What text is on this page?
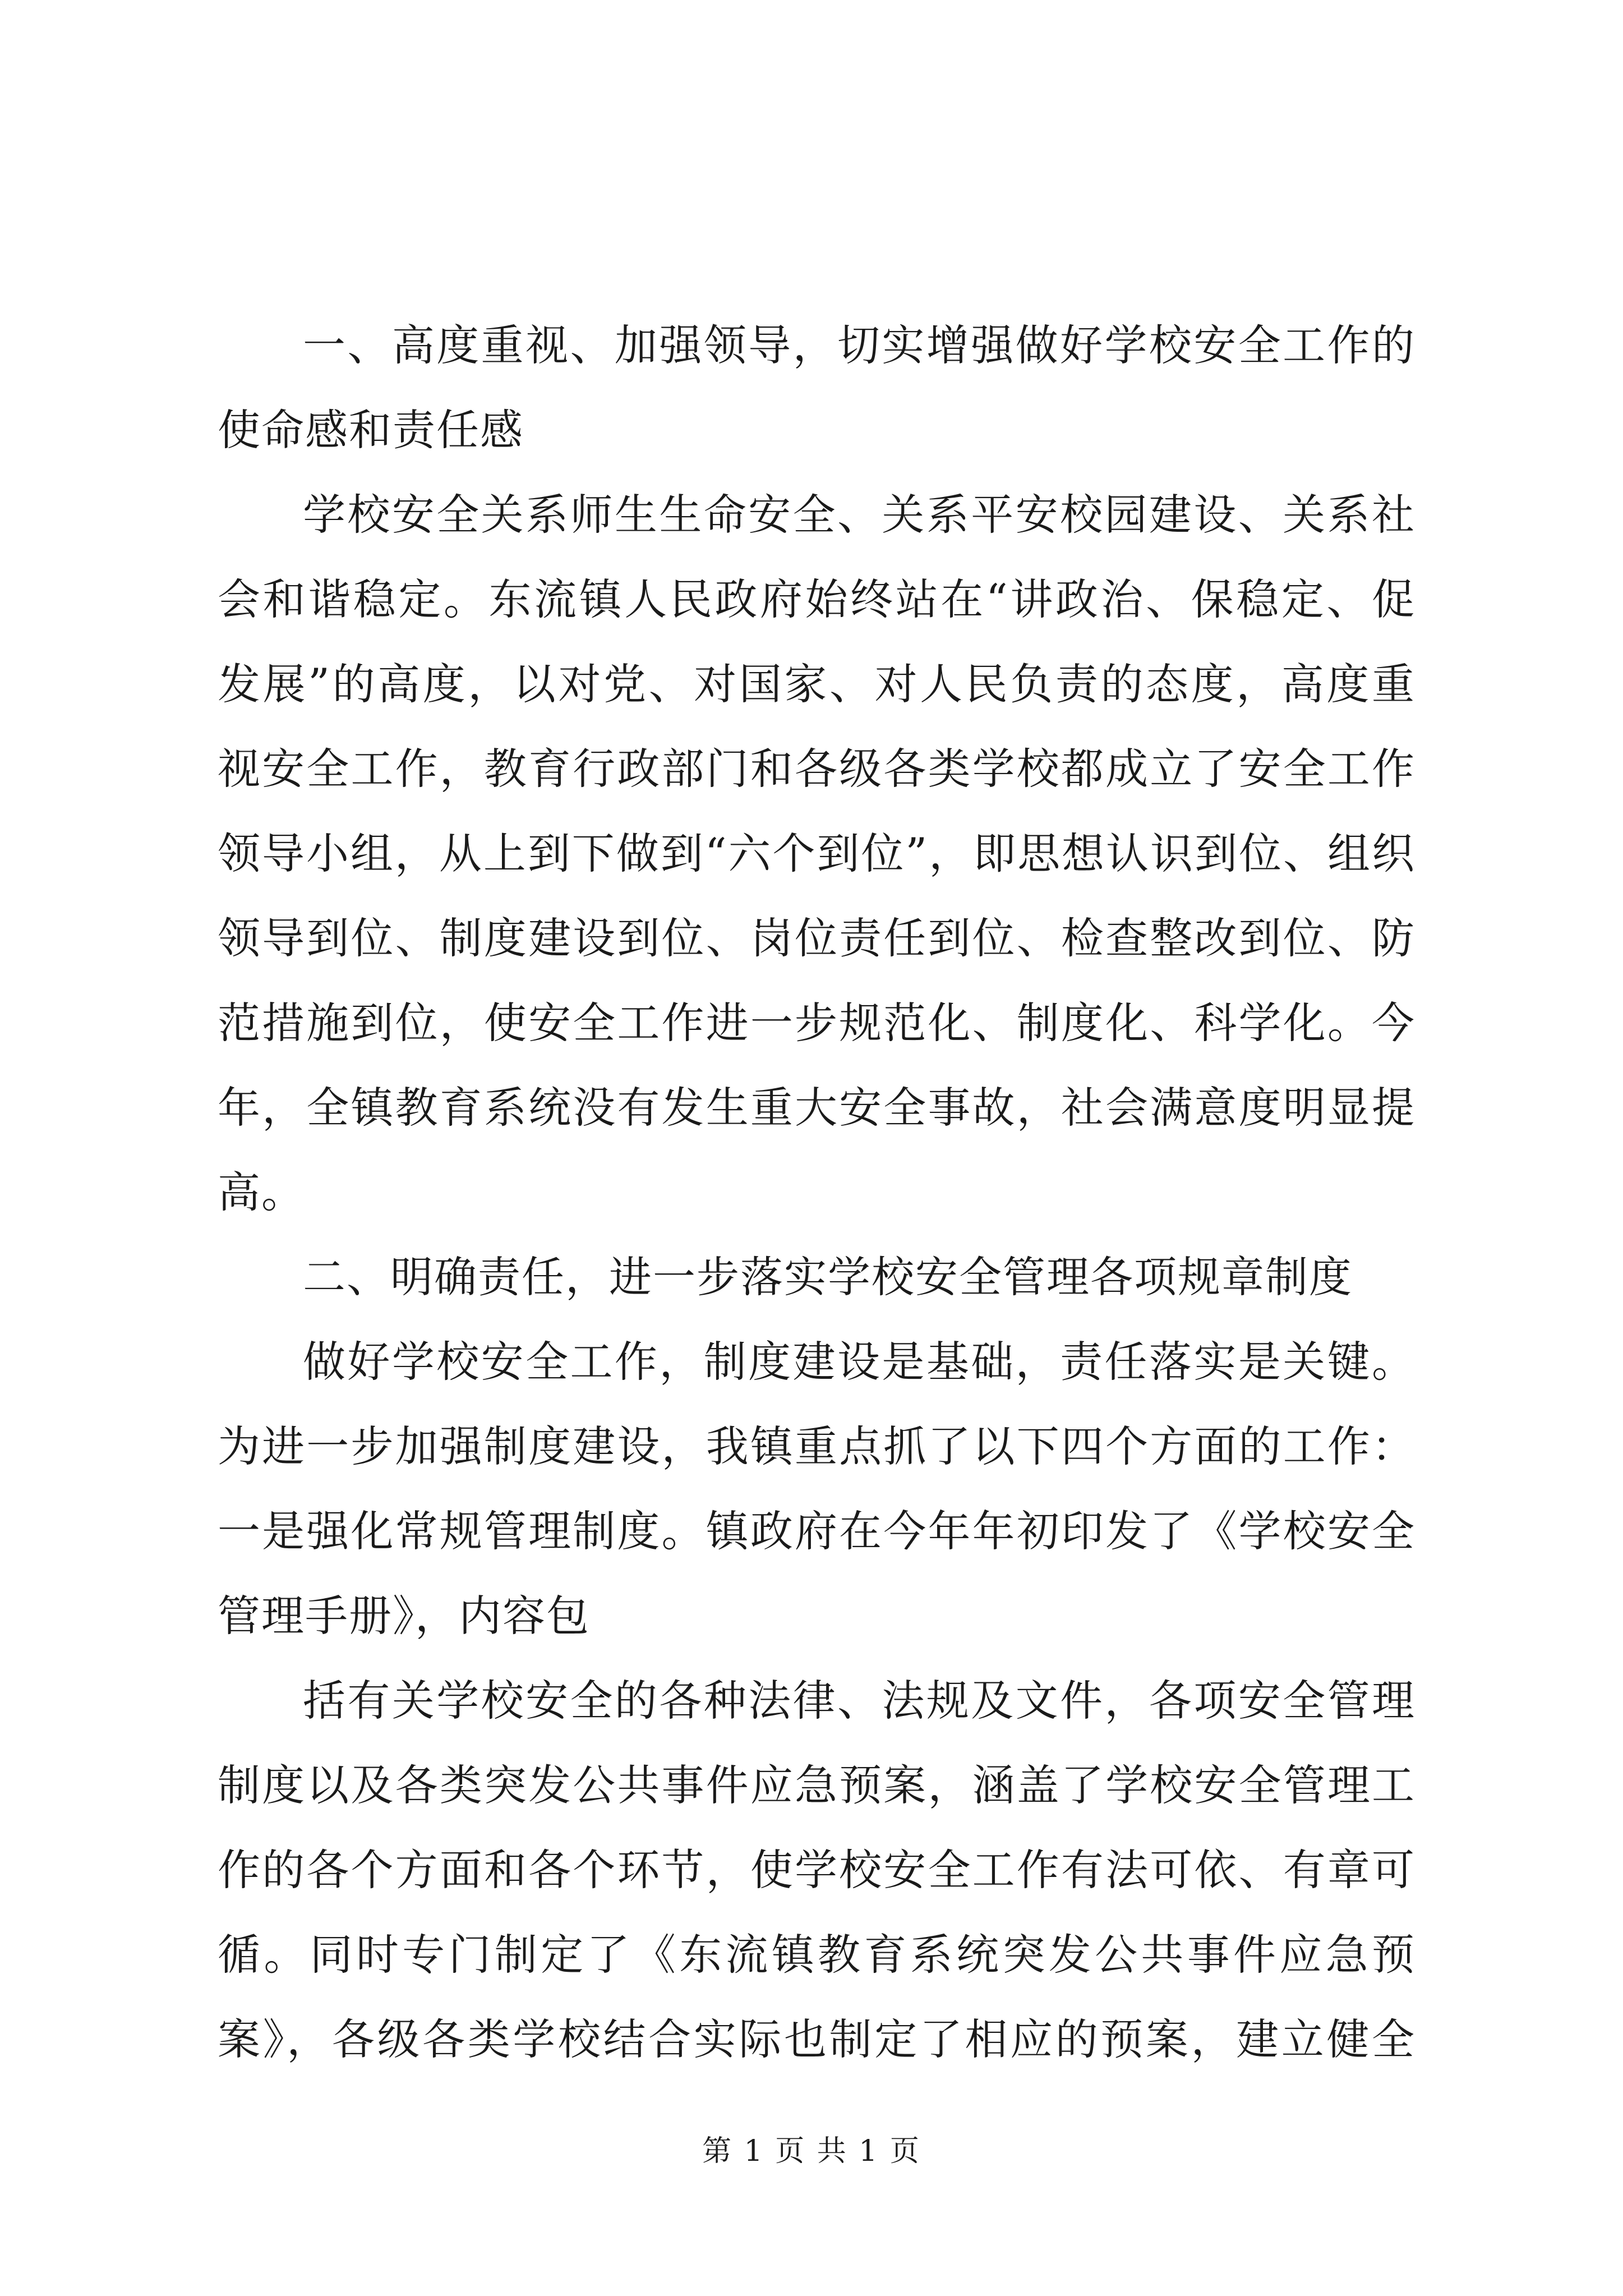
一、高度重视、加强领导，切实增强做好学校安全工作的使命感和责任感

学校安全关系师生生命安全、关系平安校园建设、关系社会和谐稳定。东流镇人民政府始终站在“讲政治、保稳定、促发展”的高度，以对党、对国家、对人民负责的态度，高度重视安全工作，教育行政部门和各级各类学校都成立了安全工作领导小组，从上到下做到“六个到位”，即思想认识到位、组织领导到位、制度建设到位、岗位责任到位、检查整改到位、防范措施到位，使安全工作进一步规范化、制度化、科学化。今年，全镇教育系统没有发生重大安全事故，社会满意度明显提高。

二、明确责任，进一步落实学校安全管理各项规章制度

做好学校安全工作，制度建设是基础，责任落实是关键。为进一步加强制度建设，我镇重点抓了以下四个方面的工作：一是强化常规管理制度。镇政府在今年年初印发了《学校安全管理手册》，内容包

括有关学校安全的各种法律、法规及文件，各项安全管理制度以及各类突发公共事件应急预案，涵盖了学校安全管理工作的各个方面和各个环节，使学校安全工作有法可依、有章可循。同时专门制定了《东流镇教育系统突发公共事件应急预案》，各级各类学校结合实际也制定了相应的预案，建立健全

第 1 页 共 1 页
